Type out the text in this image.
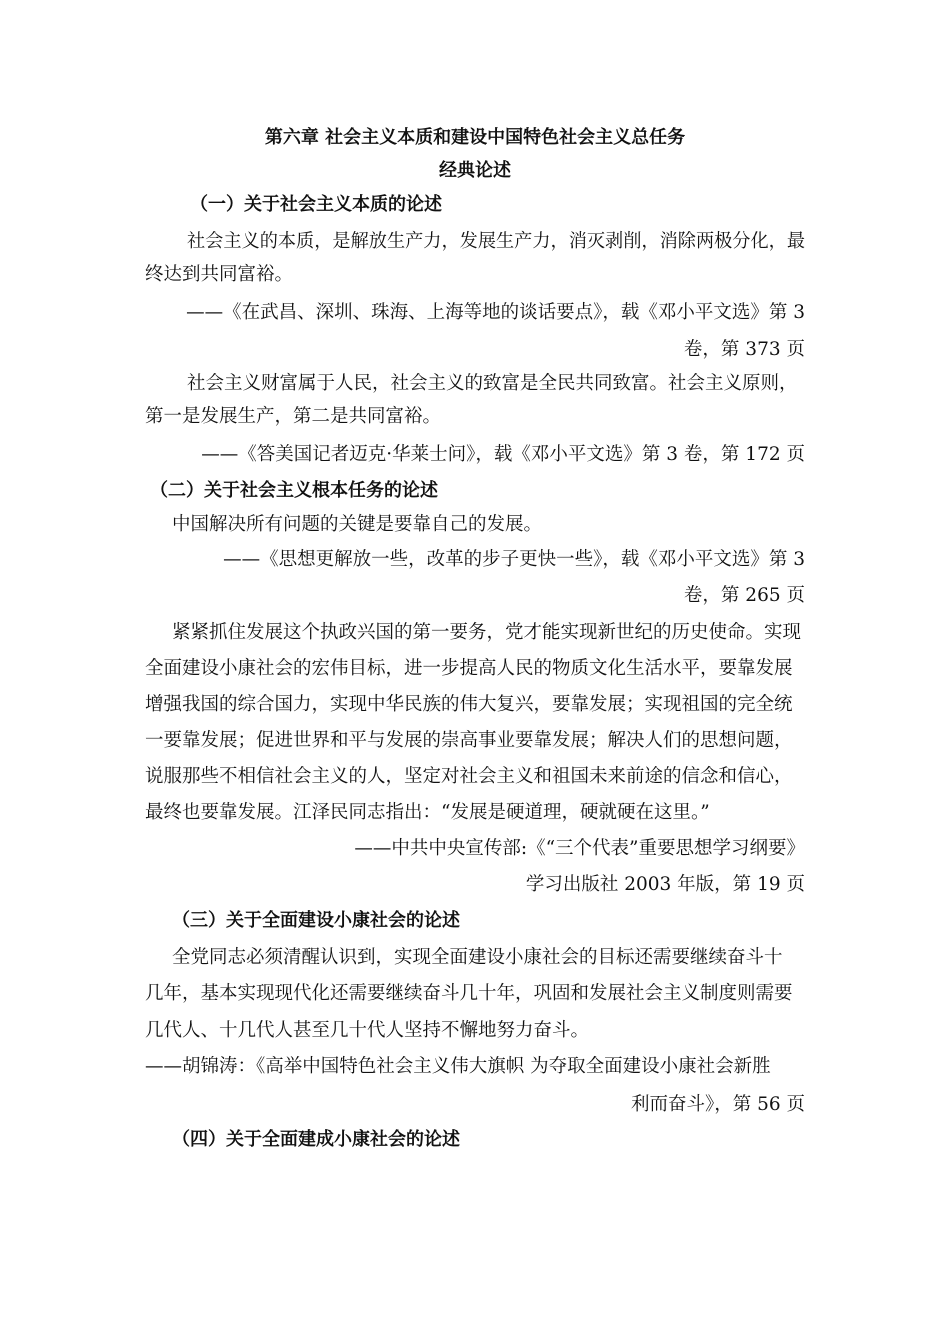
第六章 社会主义本质和建设中国特色社会主义总任务
经典论述
（一）关于社会主义本质的论述
社会主义的本质，是解放生产力，发展生产力，消灭剥削，消除两极分化，最
终达到共同富裕。
——《在武昌、深圳、珠海、上海等地的谈话要点》，载《邓小平文选》第 3
卷，第 373 页
社会主义财富属于人民，社会主义的致富是全民共同致富。社会主义原则，
第一是发展生产，第二是共同富裕。
——《答美国记者迈克·华莱士问》，载《邓小平文选》第 3 卷，第 172 页
（二）关于社会主义根本任务的论述
中国解决所有问题的关键是要靠自己的发展。
——《思想更解放一些，改革的步子更快一些》，载《邓小平文选》第 3
卷，第 265 页
紧紧抓住发展这个执政兴国的第一要务，党才能实现新世纪的历史使命。实现
全面建设小康社会的宏伟目标，进一步提高人民的物质文化生活水平，要靠发展
增强我国的综合国力，实现中华民族的伟大复兴，要靠发展；实现祖国的完全统
一要靠发展；促进世界和平与发展的崇高事业要靠发展；解决人们的思想问题，
说服那些不相信社会主义的人，坚定对社会主义和祖国未来前途的信念和信心，
最终也要靠发展。江泽民同志指出：“发展是硬道理，硬就硬在这里。”
——中共中央宣传部:《“三个代表”重要思想学习纲要》
学习出版社 2003 年版，第 19 页
（三）关于全面建设小康社会的论述
全党同志必须清醒认识到，实现全面建设小康社会的目标还需要继续奋斗十
几年，基本实现现代化还需要继续奋斗几十年，巩固和发展社会主义制度则需要
几代人、十几代人甚至几十代人坚持不懈地努力奋斗。
——胡锦涛：《高举中国特色社会主义伟大旗帜 为夺取全面建设小康社会新胜
利而奋斗》，第 56 页
（四）关于全面建成小康社会的论述
